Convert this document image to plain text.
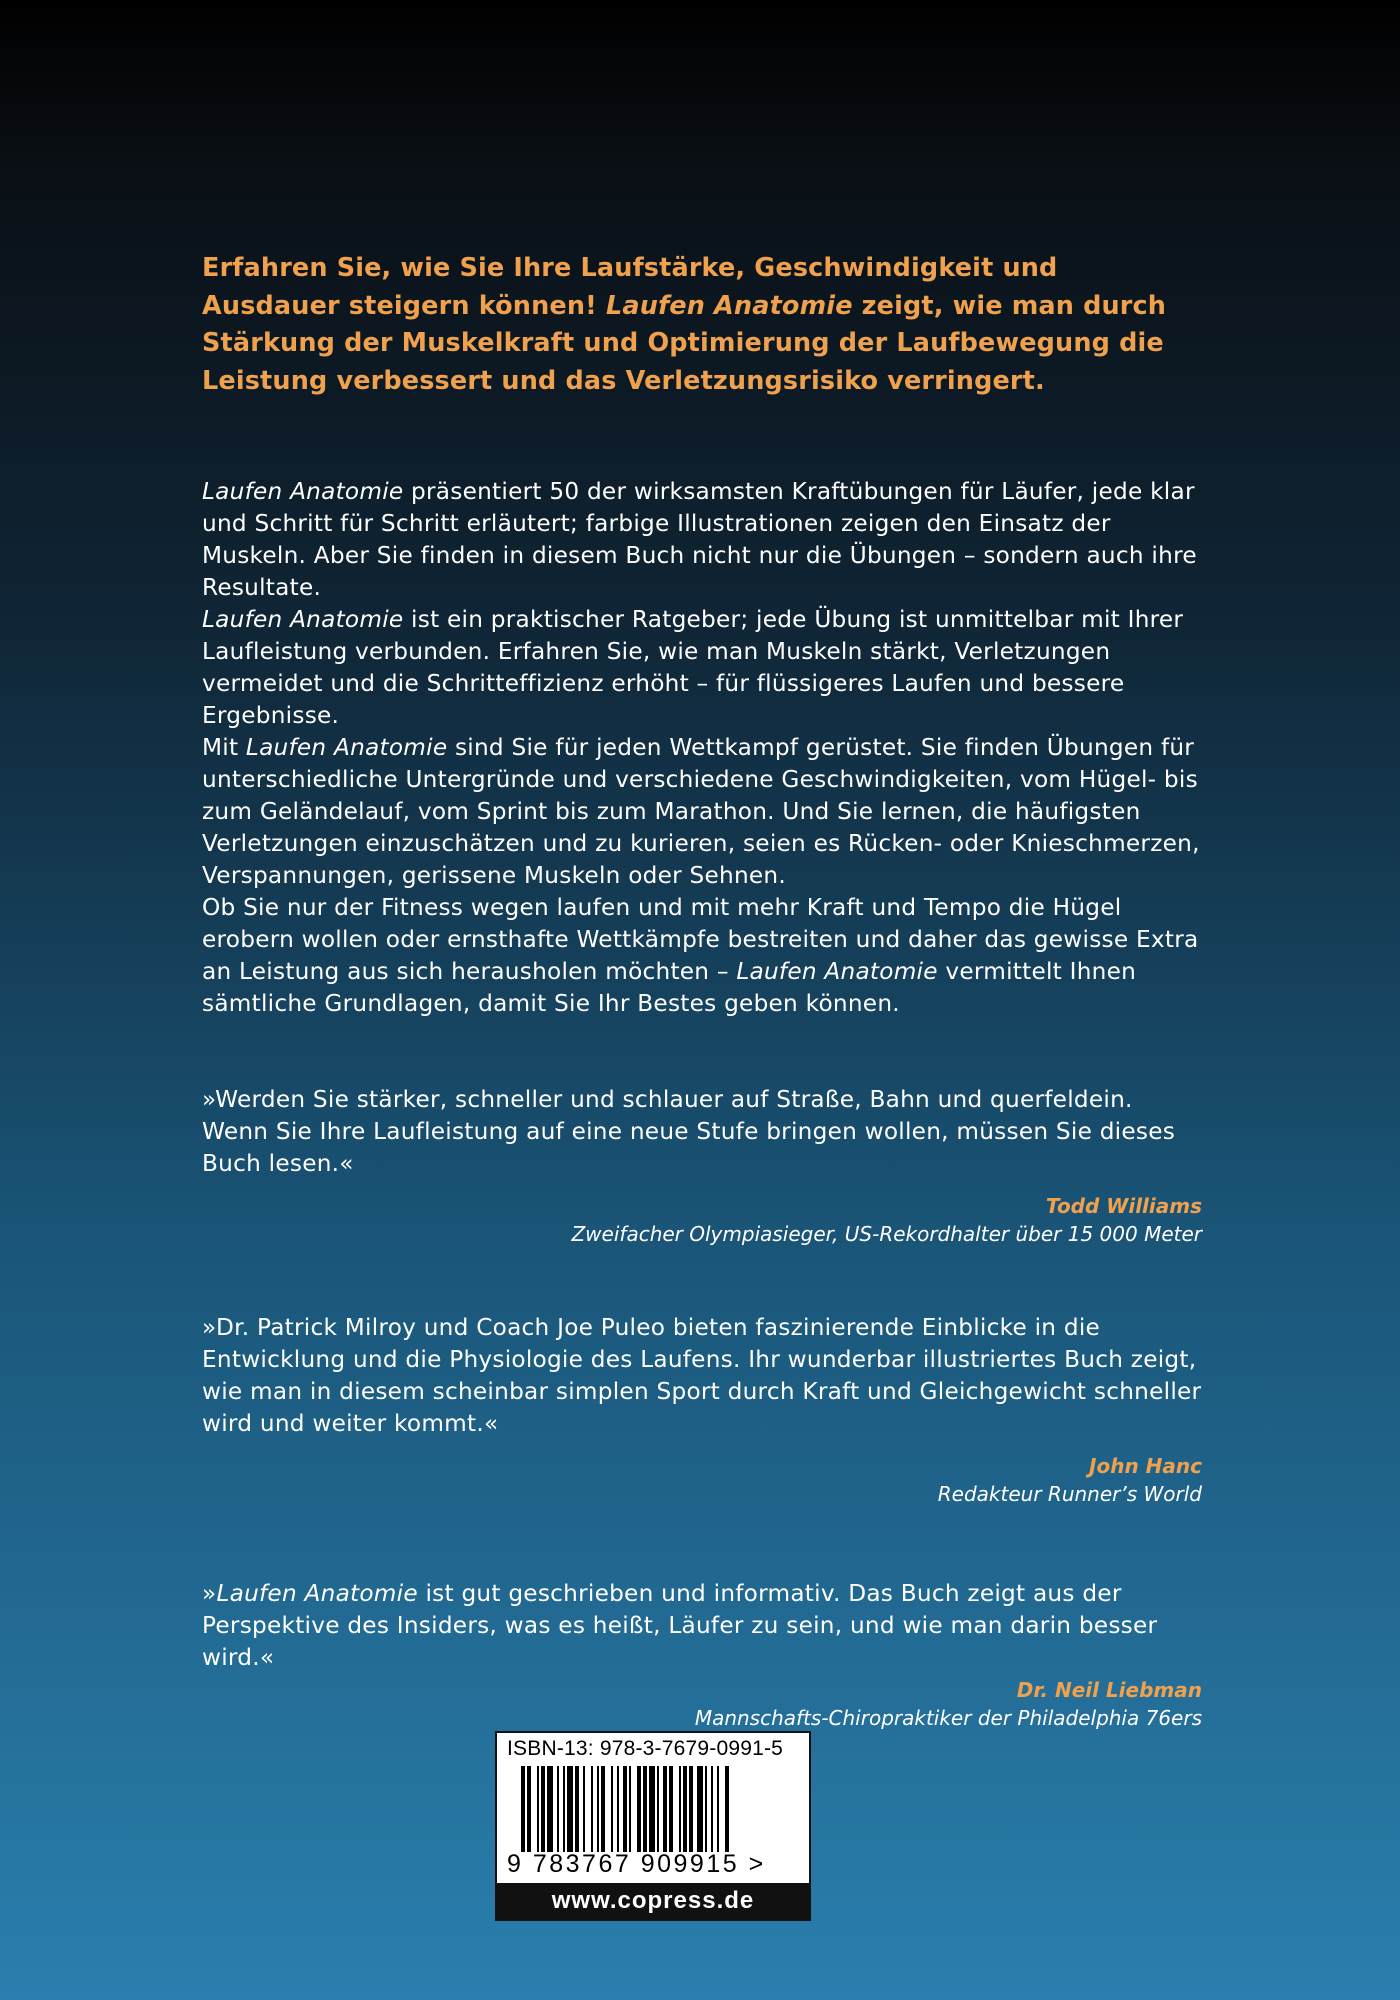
Erfahren Sie, wie Sie Ihre Laufstärke, Geschwindigkeit und Ausdauer steigern können! Laufen Anatomie zeigt, wie man durch Stärkung der Muskelkraft und Optimierung der Laufbewegung die Leistung verbessert und das Verletzungsrisiko verringert.

Laufen Anatomie präsentiert 50 der wirksamsten Kraftübungen für Läufer, jede klar und Schritt für Schritt erläutert; farbige Illustrationen zeigen den Einsatz der Muskeln. Aber Sie finden in diesem Buch nicht nur die Übungen – sondern auch ihre Resultate.

Laufen Anatomie ist ein praktischer Ratgeber; jede Übung ist unmittelbar mit Ihrer Laufleistung verbunden. Erfahren Sie, wie man Muskeln stärkt, Verletzungen vermeidet und die Schritteffizienz erhöht – für flüssigeres Laufen und bessere Ergebnisse.

Mit Laufen Anatomie sind Sie für jeden Wettkampf gerüstet. Sie finden Übungen für unterschiedliche Untergründe und verschiedene Geschwindigkeiten, vom Hügel- bis zum Geländelauf, vom Sprint bis zum Marathon. Und Sie lernen, die häufigsten Verletzungen einzuschätzen und zu kurieren, seien es Rücken- oder Knieschmerzen, Verspannungen, gerissene Muskeln oder Sehnen.

Ob Sie nur der Fitness wegen laufen und mit mehr Kraft und Tempo die Hügel erobern wollen oder ernsthafte Wettkämpfe bestreiten und daher das gewisse Extra an Leistung aus sich herausholen möchten – Laufen Anatomie vermittelt Ihnen sämtliche Grundlagen, damit Sie Ihr Bestes geben können.

»Werden Sie stärker, schneller und schlauer auf Straße, Bahn und querfeldein. Wenn Sie Ihre Laufleistung auf eine neue Stufe bringen wollen, müssen Sie dieses Buch lesen.«

Todd Williams
Zweifacher Olympiasieger, US-Rekordhalter über 15 000 Meter

»Dr. Patrick Milroy und Coach Joe Puleo bieten faszinierende Einblicke in die Entwicklung und die Physiologie des Laufens. Ihr wunderbar illustriertes Buch zeigt, wie man in diesem scheinbar simplen Sport durch Kraft und Gleichgewicht schneller wird und weiter kommt.«

John Hanc
Redakteur Runner’s World

»Laufen Anatomie ist gut geschrieben und informativ. Das Buch zeigt aus der Perspektive des Insiders, was es heißt, Läufer zu sein, und wie man darin besser wird.«

Dr. Neil Liebman
Mannschafts-Chiropraktiker der Philadelphia 76ers
ISBN-13: 978-3-7679-0991-5
9 783767 909915 >
www.copress.de
